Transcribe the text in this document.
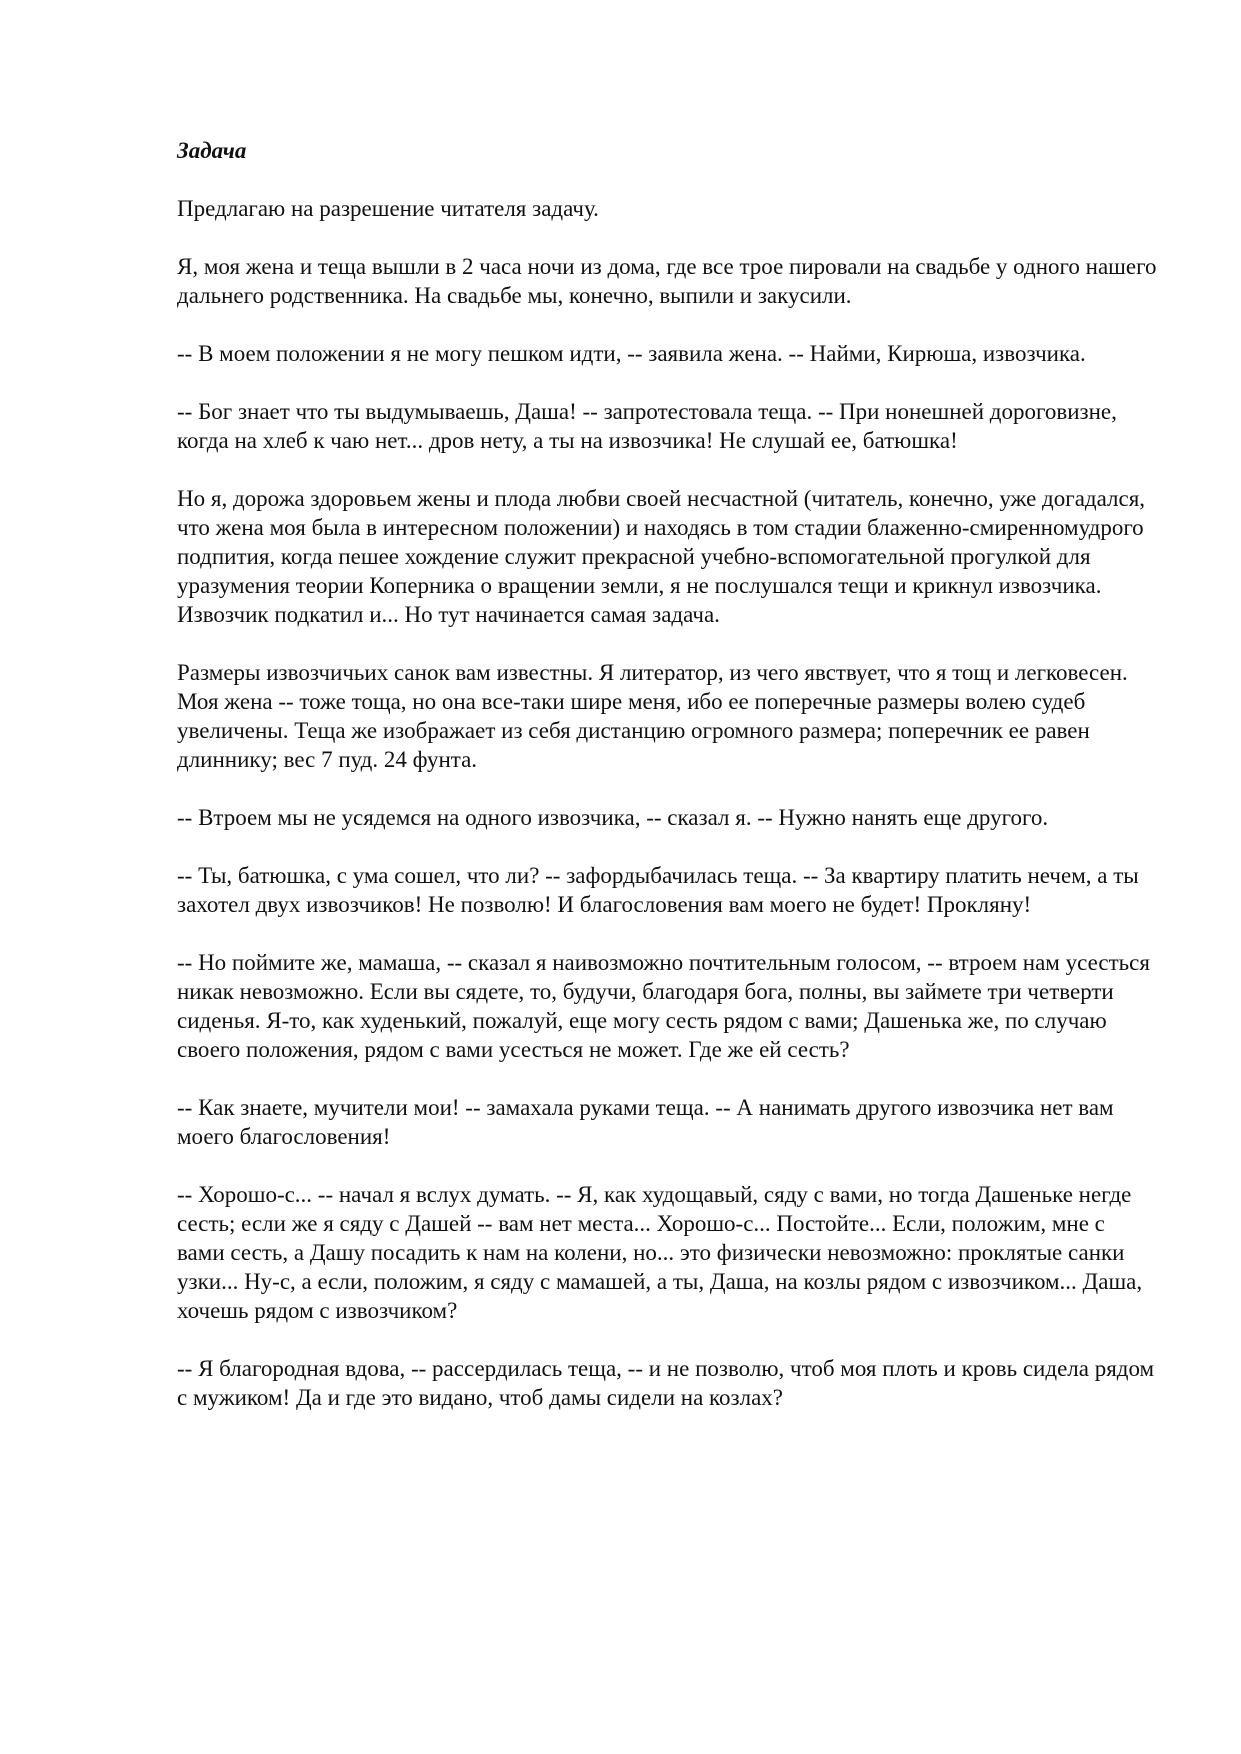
Задача

Предлагаю на разрешение читателя задачу.

Я, моя жена и теща вышли в 2 часа ночи из дома, где все трое пировали на свадьбе у одного нашего дальнего родственника. На свадьбе мы, конечно, выпили и закусили.

-- В моем положении я не могу пешком идти, -- заявила жена. -- Найми, Кирюша, извозчика.

-- Бог знает что ты выдумываешь, Даша! -- запротестовала теща. -- При нонешней дороговизне, когда на хлеб к чаю нет... дров нету, а ты на извозчика! Не слушай ее, батюшка!

Но я, дорожа здоровьем жены и плода любви своей несчастной (читатель, конечно, уже догадался, что жена моя была в интересном положении) и находясь в том стадии блаженно-смиренномудрого подпития, когда пешее хождение служит прекрасной учебно-вспомогательной прогулкой для уразумения теории Коперника о вращении земли, я не послушался тещи и крикнул извозчика. Извозчик подкатил и... Но тут начинается самая задача.

Размеры извозчичьих санок вам известны. Я литератор, из чего явствует, что я тощ и легковесен. Моя жена -- тоже тоща, но она все-таки шире меня, ибо ее поперечные размеры волею судеб увеличены. Теща же изображает из себя дистанцию огромного размера; поперечник ее равен длиннику; вес 7 пуд. 24 фунта.

-- Втроем мы не усядемся на одного извозчика, -- сказал я. -- Нужно нанять еще другого.

-- Ты, батюшка, с ума сошел, что ли? -- зафордыбачилась теща. -- За квартиру платить нечем, а ты захотел двух извозчиков! Не позволю! И благословения вам моего не будет! Прокляну!

-- Но поймите же, мамаша, -- сказал я наивозможно почтительным голосом, -- втроем нам усесться никак невозможно. Если вы сядете, то, будучи, благодаря бога, полны, вы займете три четверти сиденья. Я-то, как худенький, пожалуй, еще могу сесть рядом с вами; Дашенька же, по случаю своего положения, рядом с вами усесться не может. Где же ей сесть?

-- Как знаете, мучители мои! -- замахала руками теща. -- А нанимать другого извозчика нет вам моего благословения!

-- Хорошо-с... -- начал я вслух думать. -- Я, как худощавый, сяду с вами, но тогда Дашеньке негде сесть; если же я сяду с Дашей -- вам нет места... Хорошо-с... Постойте... Если, положим, мне с вами сесть, а Дашу посадить к нам на колени, но... это физически невозможно: проклятые санки узки... Ну-с, а если, положим, я сяду с мамашей, а ты, Даша, на козлы рядом с извозчиком... Даша, хочешь рядом с извозчиком?

-- Я благородная вдова, -- рассердилась теща, -- и не позволю, чтоб моя плоть и кровь сидела рядом с мужиком! Да и где это видано, чтоб дамы сидели на козлах?
